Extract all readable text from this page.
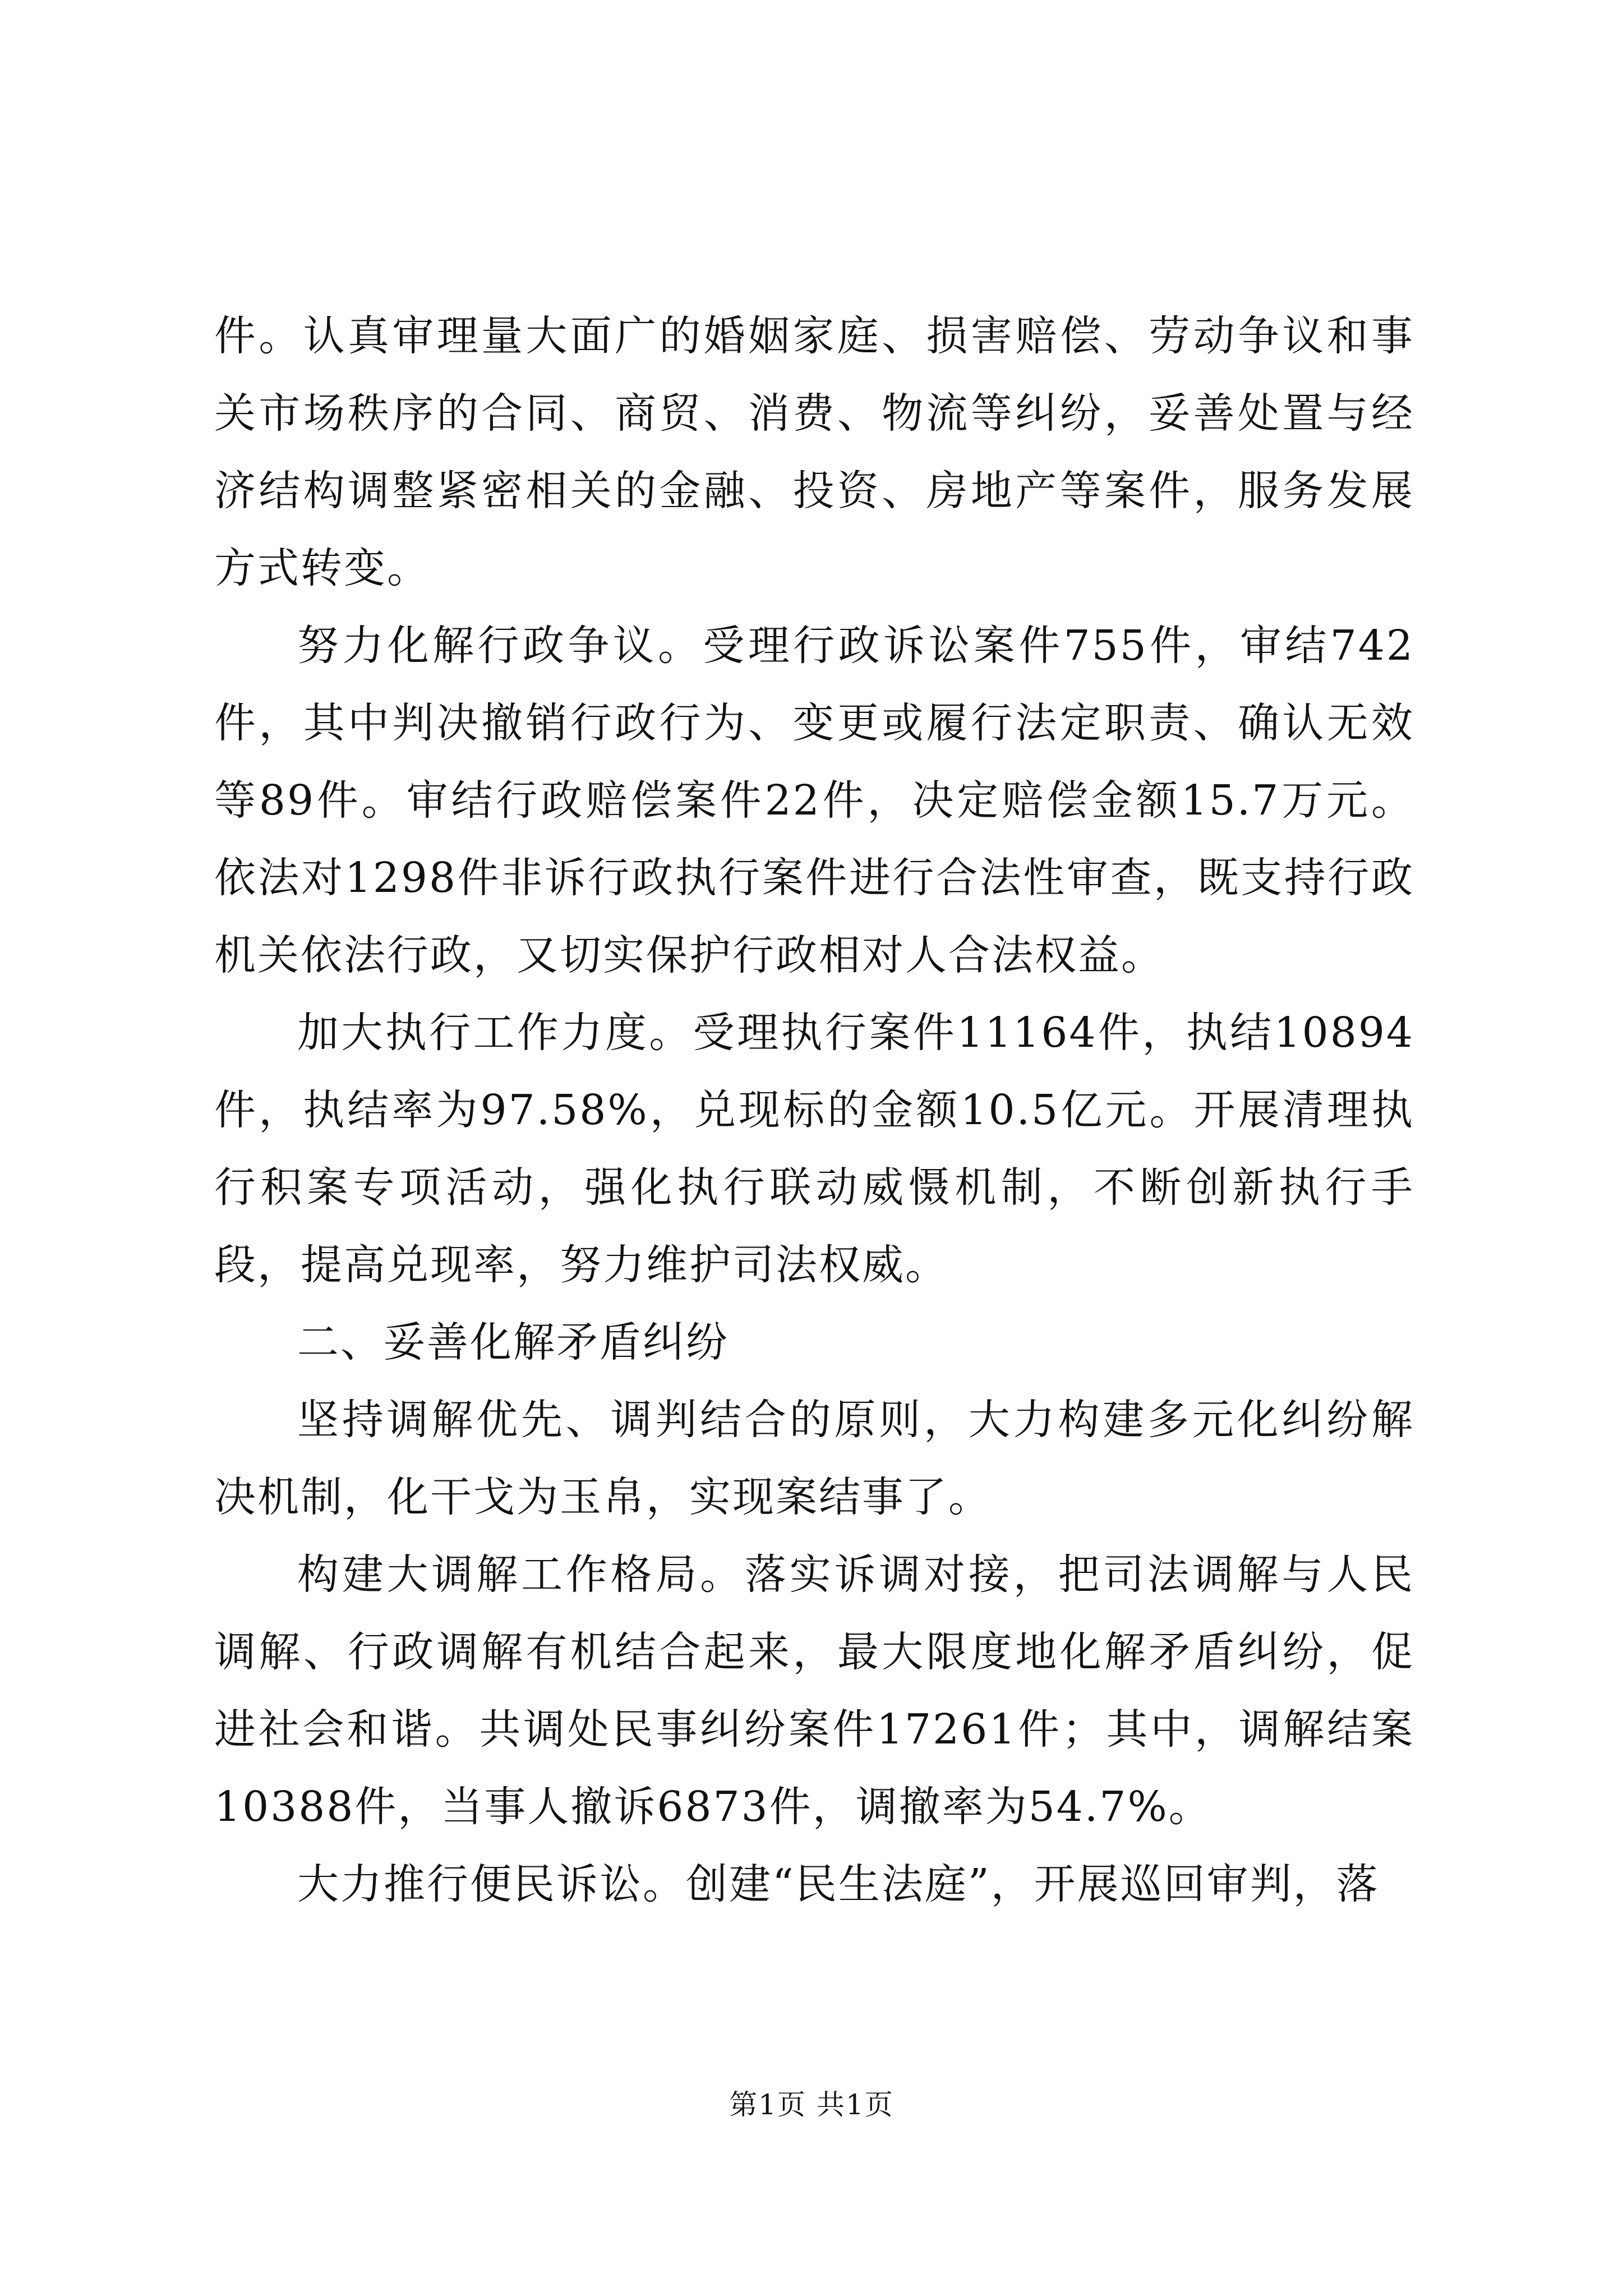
件。认真审理量大面广的婚姻家庭、损害赔偿、劳动争议和事关市场秩序的合同、商贸、消费、物流等纠纷，妥善处置与经济结构调整紧密相关的金融、投资、房地产等案件，服务发展方式转变。

努力化解行政争议。受理行政诉讼案件755件，审结742件，其中判决撤销行政行为、变更或履行法定职责、确认无效等89件。审结行政赔偿案件22件，决定赔偿金额15.7万元。依法对1298件非诉行政执行案件进行合法性审查，既支持行政机关依法行政，又切实保护行政相对人合法权益。

加大执行工作力度。受理执行案件11164件，执结10894件，执结率为97.58%，兑现标的金额10.5亿元。开展清理执行积案专项活动，强化执行联动威慑机制，不断创新执行手段，提高兑现率，努力维护司法权威。

二、妥善化解矛盾纠纷

坚持调解优先、调判结合的原则，大力构建多元化纠纷解决机制，化干戈为玉帛，实现案结事了。

构建大调解工作格局。落实诉调对接，把司法调解与人民调解、行政调解有机结合起来，最大限度地化解矛盾纠纷，促进社会和谐。共调处民事纠纷案件17261件；其中，调解结案10388件，当事人撤诉6873件，调撤率为54.7%。

大力推行便民诉讼。创建“民生法庭”，开展巡回审判，落

第1页 共1页
